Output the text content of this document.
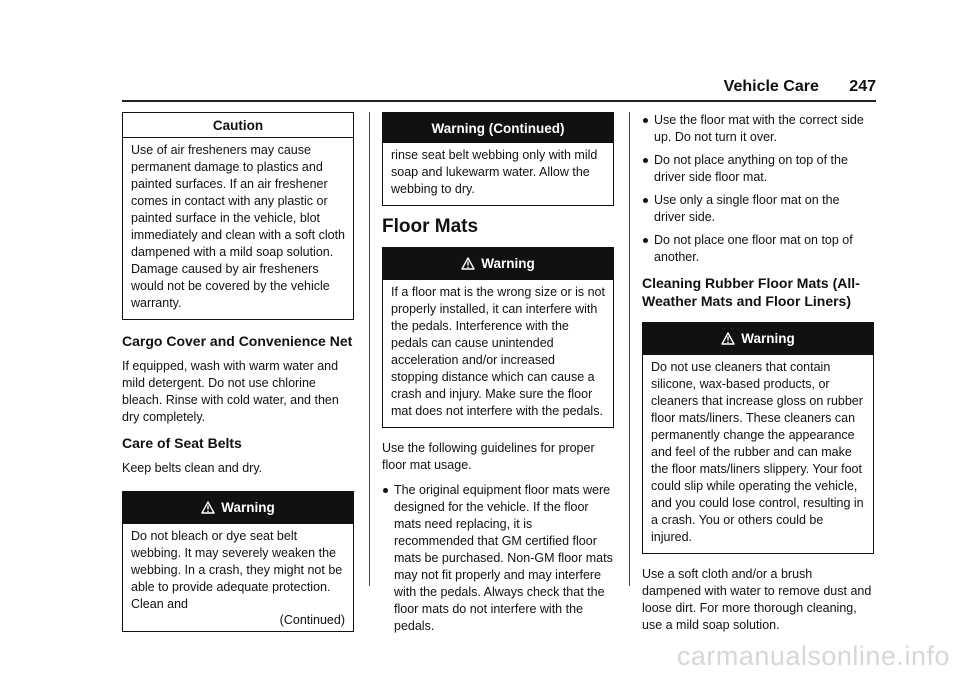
Vehicle Care 247
Caution
Use of air fresheners may cause permanent damage to plastics and painted surfaces. If an air freshener comes in contact with any plastic or painted surface in the vehicle, blot immediately and clean with a soft cloth dampened with a mild soap solution. Damage caused by air fresheners would not be covered by the vehicle warranty.
Cargo Cover and Convenience Net

If equipped, wash with warm water and mild detergent. Do not use chlorine bleach. Rinse with cold water, and then dry completely.

Care of Seat Belts

Keep belts clean and dry.

Warning
Do not bleach or dye seat belt webbing. It may severely weaken the webbing. In a crash, they might not be able to provide adequate protection. Clean and
(Continued)
Warning (Continued)
rinse seat belt webbing only with mild soap and lukewarm water. Allow the webbing to dry.
Floor Mats
Warning
If a floor mat is the wrong size or is not properly installed, it can interfere with the pedals. Interference with the pedals can cause unintended acceleration and/or increased stopping distance which can cause a crash and injury. Make sure the floor mat does not interfere with the pedals.

Use the following guidelines for proper floor mat usage.

The original equipment floor mats were designed for the vehicle. If the floor mats need replacing, it is recommended that GM certified floor mats be purchased. Non-GM floor mats may not fit properly and may interfere with the pedals. Always check that the floor mats do not interfere with the pedals.
Use the floor mat with the correct side up. Do not turn it over.
Do not place anything on top of the driver side floor mat.
Use only a single floor mat on the driver side.
Do not place one floor mat on top of another.
Cleaning Rubber Floor Mats (All-Weather Mats and Floor Liners)
Warning
Do not use cleaners that contain silicone, wax-based products, or cleaners that increase gloss on rubber floor mats/liners. These cleaners can permanently change the appearance and feel of the rubber and can make the floor mats/liners slippery. Your foot could slip while operating the vehicle, and you could lose control, resulting in a crash. You or others could be injured.

Use a soft cloth and/or a brush dampened with water to remove dust and loose dirt. For more thorough cleaning, use a mild soap solution.

carmanualsonline.info
